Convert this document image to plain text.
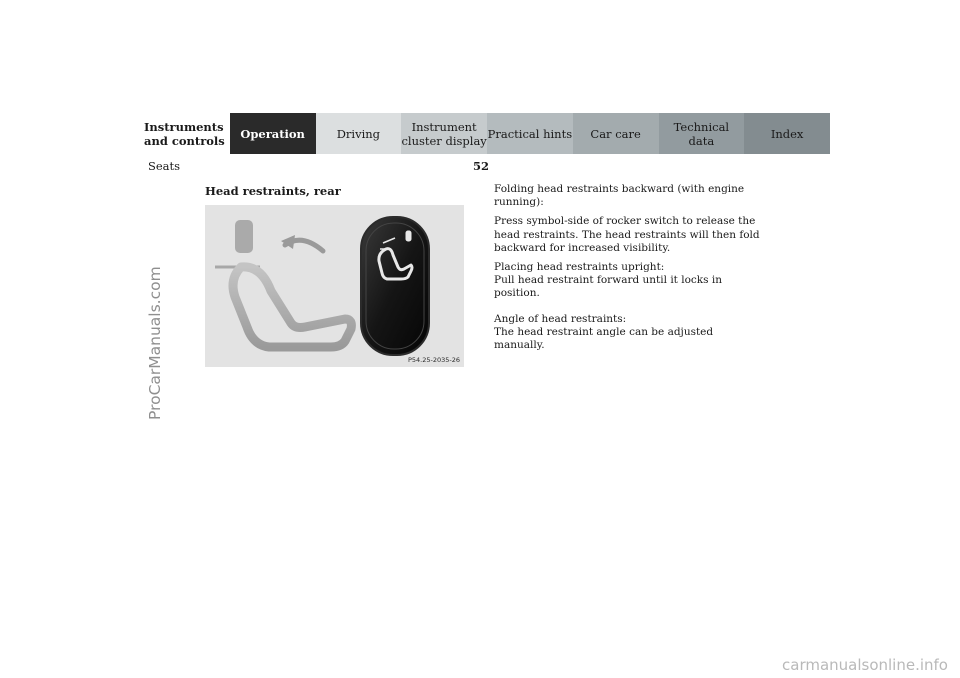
Instruments
and controls	Operation	Driving	Instrument
cluster display Practical hints	Car care	Technical
data	Index
Seats	52
Head restraints, rear
P54.25-2035-26

Folding head restraints backward (with engine running):

Press symbol-side of rocker switch to release the head restraints. The head restraints will then fold backward for increased visibility.

Placing head restraints upright:
Pull head restraint forward until it locks in position.

Angle of head restraints:
The head restraint angle can be adjusted manually.

ProCarManuals.com
carmanualsonline.info
